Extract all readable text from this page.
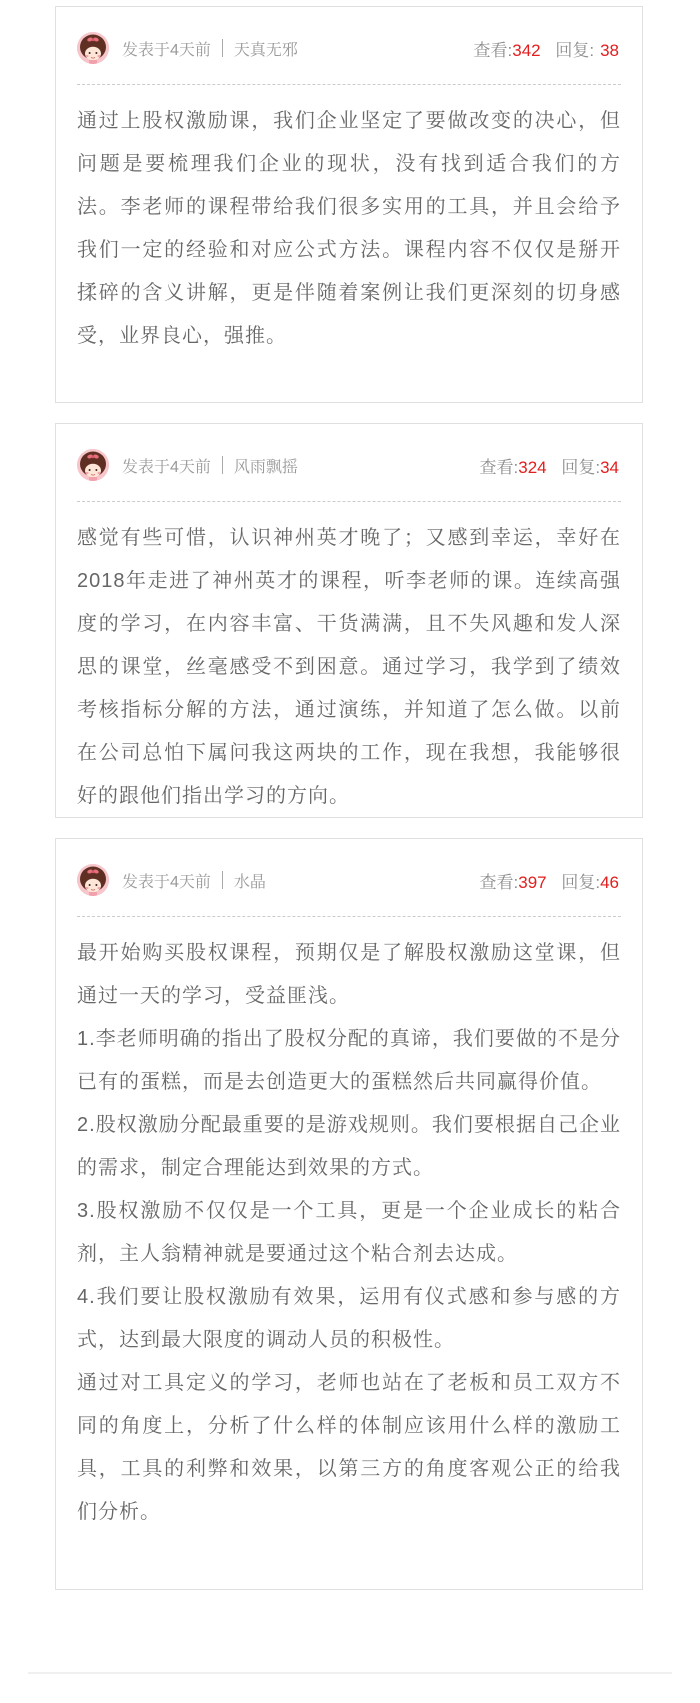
发表于4天前 天真无邪	查看:342 回复: 38

通过上股权激励课，我们企业坚定了要做改变的决心，但问题是要梳理我们企业的现状，没有找到适合我们的方法。李老师的课程带给我们很多实用的工具，并且会给予我们一定的经验和对应公式方法。课程内容不仅仅是掰开揉碎的含义讲解，更是伴随着案例让我们更深刻的切身感受，业界良心，强推。

发表于4天前 风雨飘摇	查看:324 回复:34

感觉有些可惜，认识神州英才晚了；又感到幸运，幸好在2018年走进了神州英才的课程，听李老师的课。连续高强度的学习，在内容丰富、干货满满，且不失风趣和发人深思的课堂，丝毫感受不到困意。通过学习，我学到了绩效考核指标分解的方法，通过演练，并知道了怎么做。以前在公司总怕下属问我这两块的工作，现在我想，我能够很好的跟他们指出学习的方向。

发表于4天前 水晶	查看:397 回复:46

最开始购买股权课程，预期仅是了解股权激励这堂课，但通过一天的学习，受益匪浅。

1.李老师明确的指出了股权分配的真谛，我们要做的不是分已有的蛋糕，而是去创造更大的蛋糕然后共同赢得价值。

2.股权激励分配最重要的是游戏规则。我们要根据自己企业的需求，制定合理能达到效果的方式。

3.股权激励不仅仅是一个工具，更是一个企业成长的粘合剂，主人翁精神就是要通过这个粘合剂去达成。

4.我们要让股权激励有效果，运用有仪式感和参与感的方式，达到最大限度的调动人员的积极性。

通过对工具定义的学习，老师也站在了老板和员工双方不同的角度上，分析了什么样的体制应该用什么样的激励工具，工具的利弊和效果，以第三方的角度客观公正的给我们分析。
